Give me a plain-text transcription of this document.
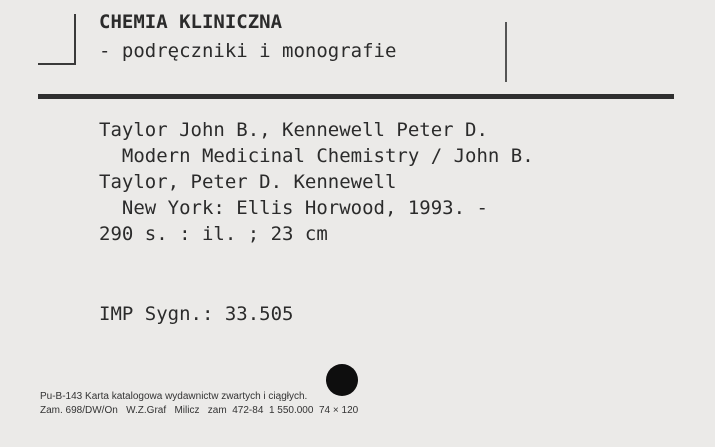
CHEMIA KLINICZNA
- podręczniki i monografie
Taylor John B., Kennewell Peter D.
Modern Medicinal Chemistry / John B.
Taylor, Peter D. Kennewell
New York: Ellis Horwood, 1993. -
290 s. : il. ; 23 cm
IMP Sygn.: 33.505
Pu-B-143 Karta katalogowa wydawnictw zwartych i ciągłych.
Zam. 698/DW/On   W.Z.Graf   Milicz   zam  472-84  1 550.000  74 × 120
